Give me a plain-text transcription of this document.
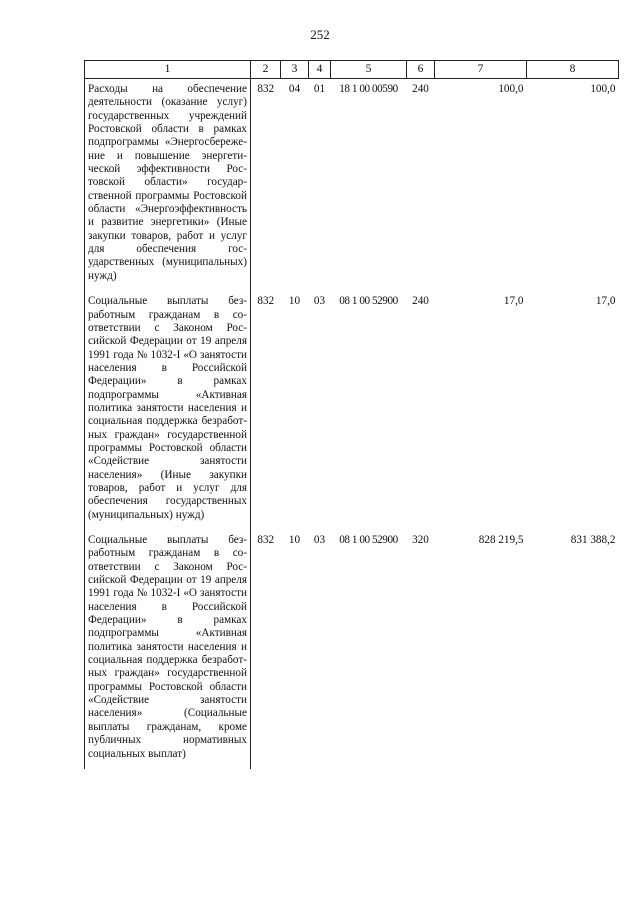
252
1	2	3	4	5	6	7	8
Расходы на обеспечение деятельности (оказание услуг) государственных учреждений Ростовской области в рамках подпрограммы «Энергосбережение и повышение энергетической эффективности Ростовской области» государственной программы Ростовской области «Энергоэффективность и развитие энергетики» (Иные закупки товаров, работ и услуг для обеспечения государственных (муниципальных) нужд)	832	04	01	18 1 00 00590	240	100,0	100,0
Социальные выплаты безработным гражданам в соответствии с Законом Российской Федерации от 19 апреля 1991 года № 1032-I «О занятости населения в Российской Федерации» в рамках подпрограммы «Активная политика занятости населения и социальная поддержка безработных граждан» государственной программы Ростовской области «Содействие занятости населения» (Иные закупки товаров, работ и услуг для обеспечения государственных (муниципальных) нужд)	832	10	03	08 1 00 52900	240	17,0	17,0
Социальные выплаты безработным гражданам в соответствии с Законом Российской Федерации от 19 апреля 1991 года № 1032-I «О занятости населения в Российской Федерации» в рамках подпрограммы «Активная политика занятости населения и социальная поддержка безработных граждан» государственной программы Ростовской области «Содействие занятости населения» (Социальные выплаты гражданам, кроме публичных нормативных социальных выплат)	832	10	03	08 1 00 52900	320	828 219,5	831 388,2
